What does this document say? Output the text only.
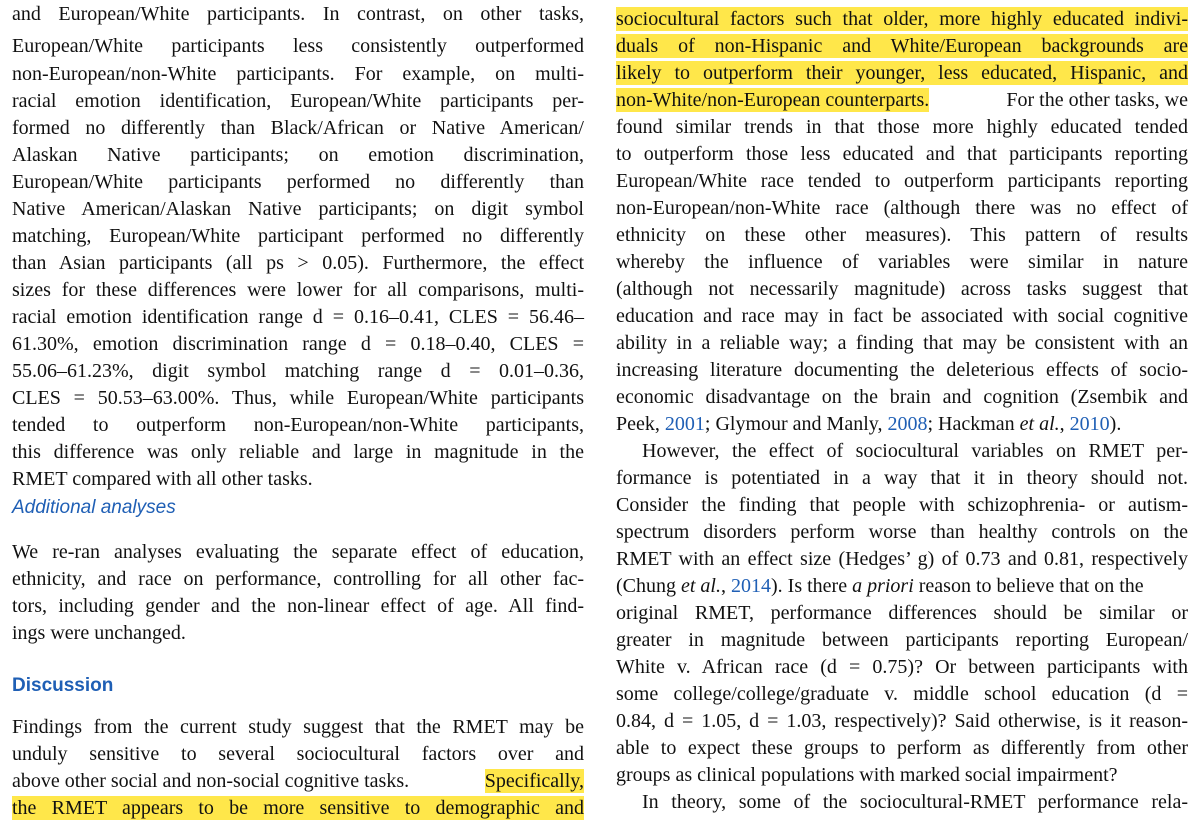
and European/White participants. In contrast, on other tasks,
European/White participants less consistently outperformed
non-European/non-White participants. For example, on multi-
racial emotion identification, European/White participants per-
formed no differently than Black/African or Native American/
Alaskan Native participants; on emotion discrimination,
European/White participants performed no differently than
Native American/Alaskan Native participants; on digit symbol
matching, European/White participant performed no differently
than Asian participants (all ps > 0.05). Furthermore, the effect
sizes for these differences were lower for all comparisons, multi-
racial emotion identification range d = 0.16–0.41, CLES = 56.46–
61.30%, emotion discrimination range d = 0.18–0.40, CLES =
55.06–61.23%, digit symbol matching range d = 0.01–0.36,
CLES = 50.53–63.00%. Thus, while European/White participants
tended to outperform non-European/non-White participants,
this difference was only reliable and large in magnitude in the
RMET compared with all other tasks.
Additional analyses
We re-ran analyses evaluating the separate effect of education,
ethnicity, and race on performance, controlling for all other fac-
tors, including gender and the non-linear effect of age. All find-
ings were unchanged.
Discussion
Findings from the current study suggest that the RMET may be
unduly sensitive to several sociocultural factors over and
above other social and non-social cognitive tasks.	Specifically,
the RMET appears to be more sensitive to demographic and
sociocultural factors such that older, more highly educated indivi-
duals of non-Hispanic and White/European backgrounds are
likely to outperform their younger, less educated, Hispanic, and
non-White/non-European counterparts.	For the other tasks, we
found similar trends in that those more highly educated tended
to outperform those less educated and that participants reporting
European/White race tended to outperform participants reporting
non-European/non-White race (although there was no effect of
ethnicity on these other measures). This pattern of results
whereby the influence of variables were similar in nature
(although not necessarily magnitude) across tasks suggest that
education and race may in fact be associated with social cognitive
ability in a reliable way; a finding that may be consistent with an
increasing literature documenting the deleterious effects of socio-
economic disadvantage on the brain and cognition (Zsembik and
Peek, 2001; Glymour and Manly, 2008; Hackman et al., 2010).
However, the effect of sociocultural variables on RMET per-
formance is potentiated in a way that it in theory should not.
Consider the finding that people with schizophrenia- or autism-
spectrum disorders perform worse than healthy controls on the
RMET with an effect size (Hedges’ g) of 0.73 and 0.81, respectively
(Chung et al., 2014). Is there a priori reason to believe that on the
original RMET, performance differences should be similar or
greater in magnitude between participants reporting European/
White v. African race (d = 0.75)? Or between participants with
some college/college/graduate v. middle school education (d =
0.84, d = 1.05, d = 1.03, respectively)? Said otherwise, is it reason-
able to expect these groups to perform as differently from other
groups as clinical populations with marked social impairment?
In theory, some of the sociocultural-RMET performance rela-
